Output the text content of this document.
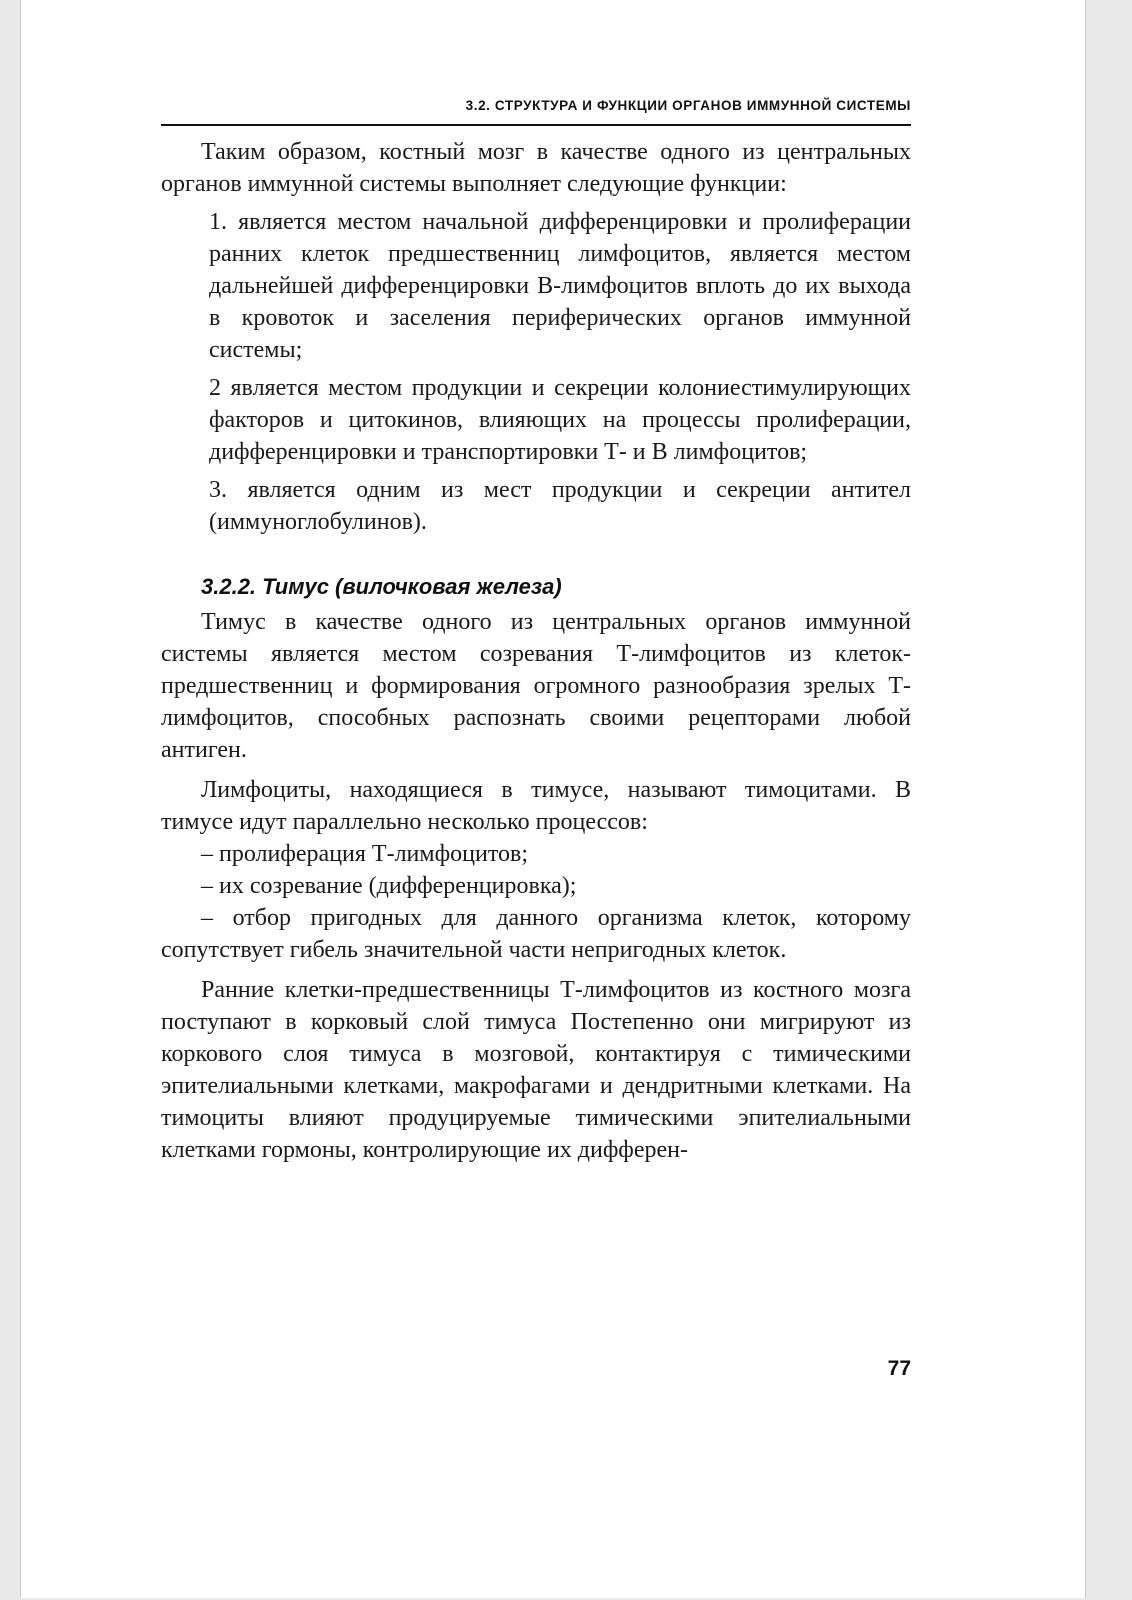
3.2. СТРУКТУРА И ФУНКЦИИ ОРГАНОВ ИММУННОЙ СИСТЕМЫ

Таким образом, костный мозг в качестве одного из центральных органов иммунной системы выполняет следующие функции:

1. является местом начальной дифференцировки и пролиферации ранних клеток предшественниц лимфоцитов, является местом дальнейшей дифференцировки В-лимфоцитов вплоть до их выхода в кровоток и заселения периферических органов иммунной системы;

2 является местом продукции и секреции колониестимулирующих факторов и цитокинов, влияющих на процессы пролиферации, дифференцировки и транспортировки Т- и В лимфоцитов;

3. является одним из мест продукции и секреции антител (иммуноглобулинов).

3.2.2. Тимус (вилочковая железа)

Тимус в качестве одного из центральных органов иммунной системы является местом созревания Т-лимфоцитов из клеток-предшественниц и формирования огромного разнообразия зрелых Т-лимфоцитов, способных распознать своими рецепторами любой антиген.

Лимфоциты, находящиеся в тимусе, называют тимоцитами. В тимусе идут параллельно несколько процессов:

– пролиферация Т-лимфоцитов;

– их созревание (дифференцировка);

– отбор пригодных для данного организма клеток, которому сопутствует гибель значительной части непригодных клеток.

Ранние клетки-предшественницы Т-лимфоцитов из костного мозга поступают в корковый слой тимуса Постепенно они мигрируют из коркового слоя тимуса в мозговой, контактируя с тимическими эпителиальными клетками, макрофагами и дендритными клетками. На тимоциты влияют продуцируемые тимическими эпителиальными клетками гормоны, контролирующие их дифферен-

77
